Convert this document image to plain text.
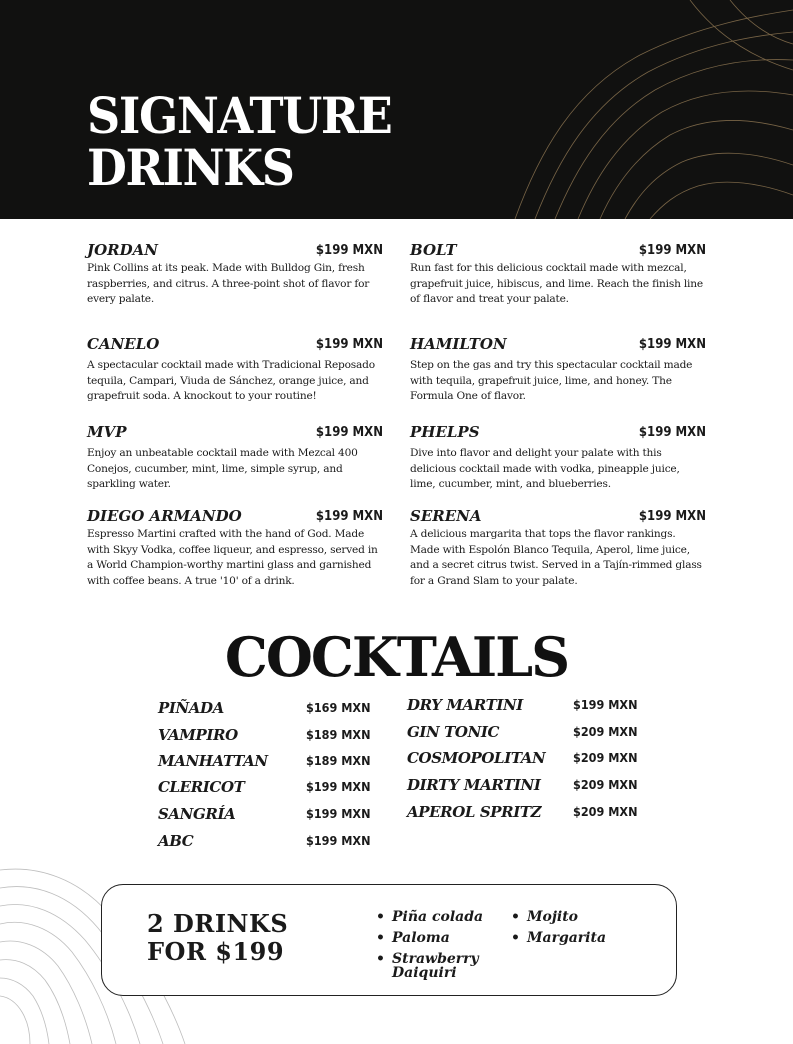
SIGNATURE
DRINKS
JORDAN	$199 MXN
Pink Collins at its peak. Made with Bulldog Gin, fresh raspberries, and citrus. A three-point shot of flavor for every palate.
BOLT	$199 MXN
Run fast for this delicious cocktail made with mezcal, grapefruit juice, hibiscus, and lime. Reach the finish line of flavor and treat your palate.
CANELO	$199 MXN
A spectacular cocktail made with Tradicional Reposado tequila, Campari, Viuda de Sánchez, orange juice, and grapefruit soda. A knockout to your routine!
HAMILTON	$199 MXN
Step on the gas and try this spectacular cocktail made with tequila, grapefruit juice, lime, and honey. The Formula One of flavor.
MVP	$199 MXN
Enjoy an unbeatable cocktail made with Mezcal 400 Conejos, cucumber, mint, lime, simple syrup, and sparkling water.
PHELPS	$199 MXN
Dive into flavor and delight your palate with this delicious cocktail made with vodka, pineapple juice, lime, cucumber, mint, and blueberries.
DIEGO ARMANDO	$199 MXN
Espresso Martini crafted with the hand of God. Made with Skyy Vodka, coffee liqueur, and espresso, served in a World Champion-worthy martini glass and garnished with coffee beans. A true '10' of a drink.
SERENA	$199 MXN
A delicious margarita that tops the flavor rankings. Made with Espolón Blanco Tequila, Aperol, lime juice, and a secret citrus twist. Served in a Tajín-rimmed glass for a Grand Slam to your palate.
COCKTAILS
PIÑADA	$169 MXN
VAMPIRO	$189 MXN
MANHATTAN	$189 MXN
CLERICOT	$199 MXN
SANGRÍA	$199 MXN
ABC	$199 MXN
DRY MARTINI	$199 MXN
GIN TONIC	$209 MXN
COSMOPOLITAN $209 MXN
DIRTY MARTINI	$209 MXN
APEROL SPRITZ	$209 MXN
2 DRINKS
FOR $199
• Piña colada
• Paloma
• Strawberry Daiquiri
• Mojito
• Margarita
